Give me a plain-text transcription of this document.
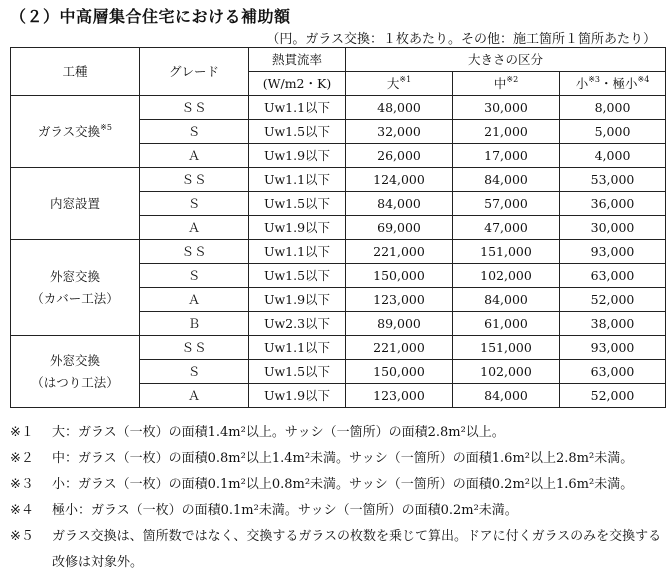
（２）中高層集合住宅における補助額
（円。ガラス交換：１枚あたり。その他：施工箇所１箇所あたり）
工種	グレード	熱貫流率	大きさの区分		
		(W/m2・K)	大$^{※1}$	中$^{※2}$	小$^{※3}$・極小$^{※4}$
ガラス交換$^{※5}$	ＳＳ	Uw1.1以下	48,000	30,000	8,000
	Ｓ	Uw1.5以下	32,000	21,000	5,000
	Ａ	Uw1.9以下	26,000	17,000	4,000
内窓設置	ＳＳ	Uw1.1以下	124,000	84,000	53,000
	Ｓ	Uw1.5以下	84,000	57,000	36,000
	Ａ	Uw1.9以下	69,000	47,000	30,000
外窓交換
（カバー工法）	ＳＳ	Uw1.1以下	221,000	151,000	93,000
	Ｓ	Uw1.5以下	150,000	102,000	63,000
	Ａ	Uw1.9以下	123,000	84,000	52,000
	Ｂ	Uw2.3以下	89,000	61,000	38,000
外窓交換
（はつり工法）	ＳＳ	Uw1.1以下	221,000	151,000	93,000
	Ｓ	Uw1.5以下	150,000	102,000	63,000
	Ａ	Uw1.9以下	123,000	84,000	52,000
※１ 大：ガラス（一枚）の面積1.4m²以上。サッシ（一箇所）の面積2.8m²以上。
※２ 中：ガラス（一枚）の面積0.8m²以上1.4m²未満。サッシ（一箇所）の面積1.6m²以上2.8m²未満。
※３ 小：ガラス（一枚）の面積0.1m²以上0.8m²未満。サッシ（一箇所）の面積0.2m²以上1.6m²未満。
※４ 極小：ガラス（一枚）の面積0.1m²未満。サッシ（一箇所）の面積0.2m²未満。
※５ ガラス交換は、箇所数ではなく、交換するガラスの枚数を乗じて算出。ドアに付くガラスのみを交換する改修は対象外。
